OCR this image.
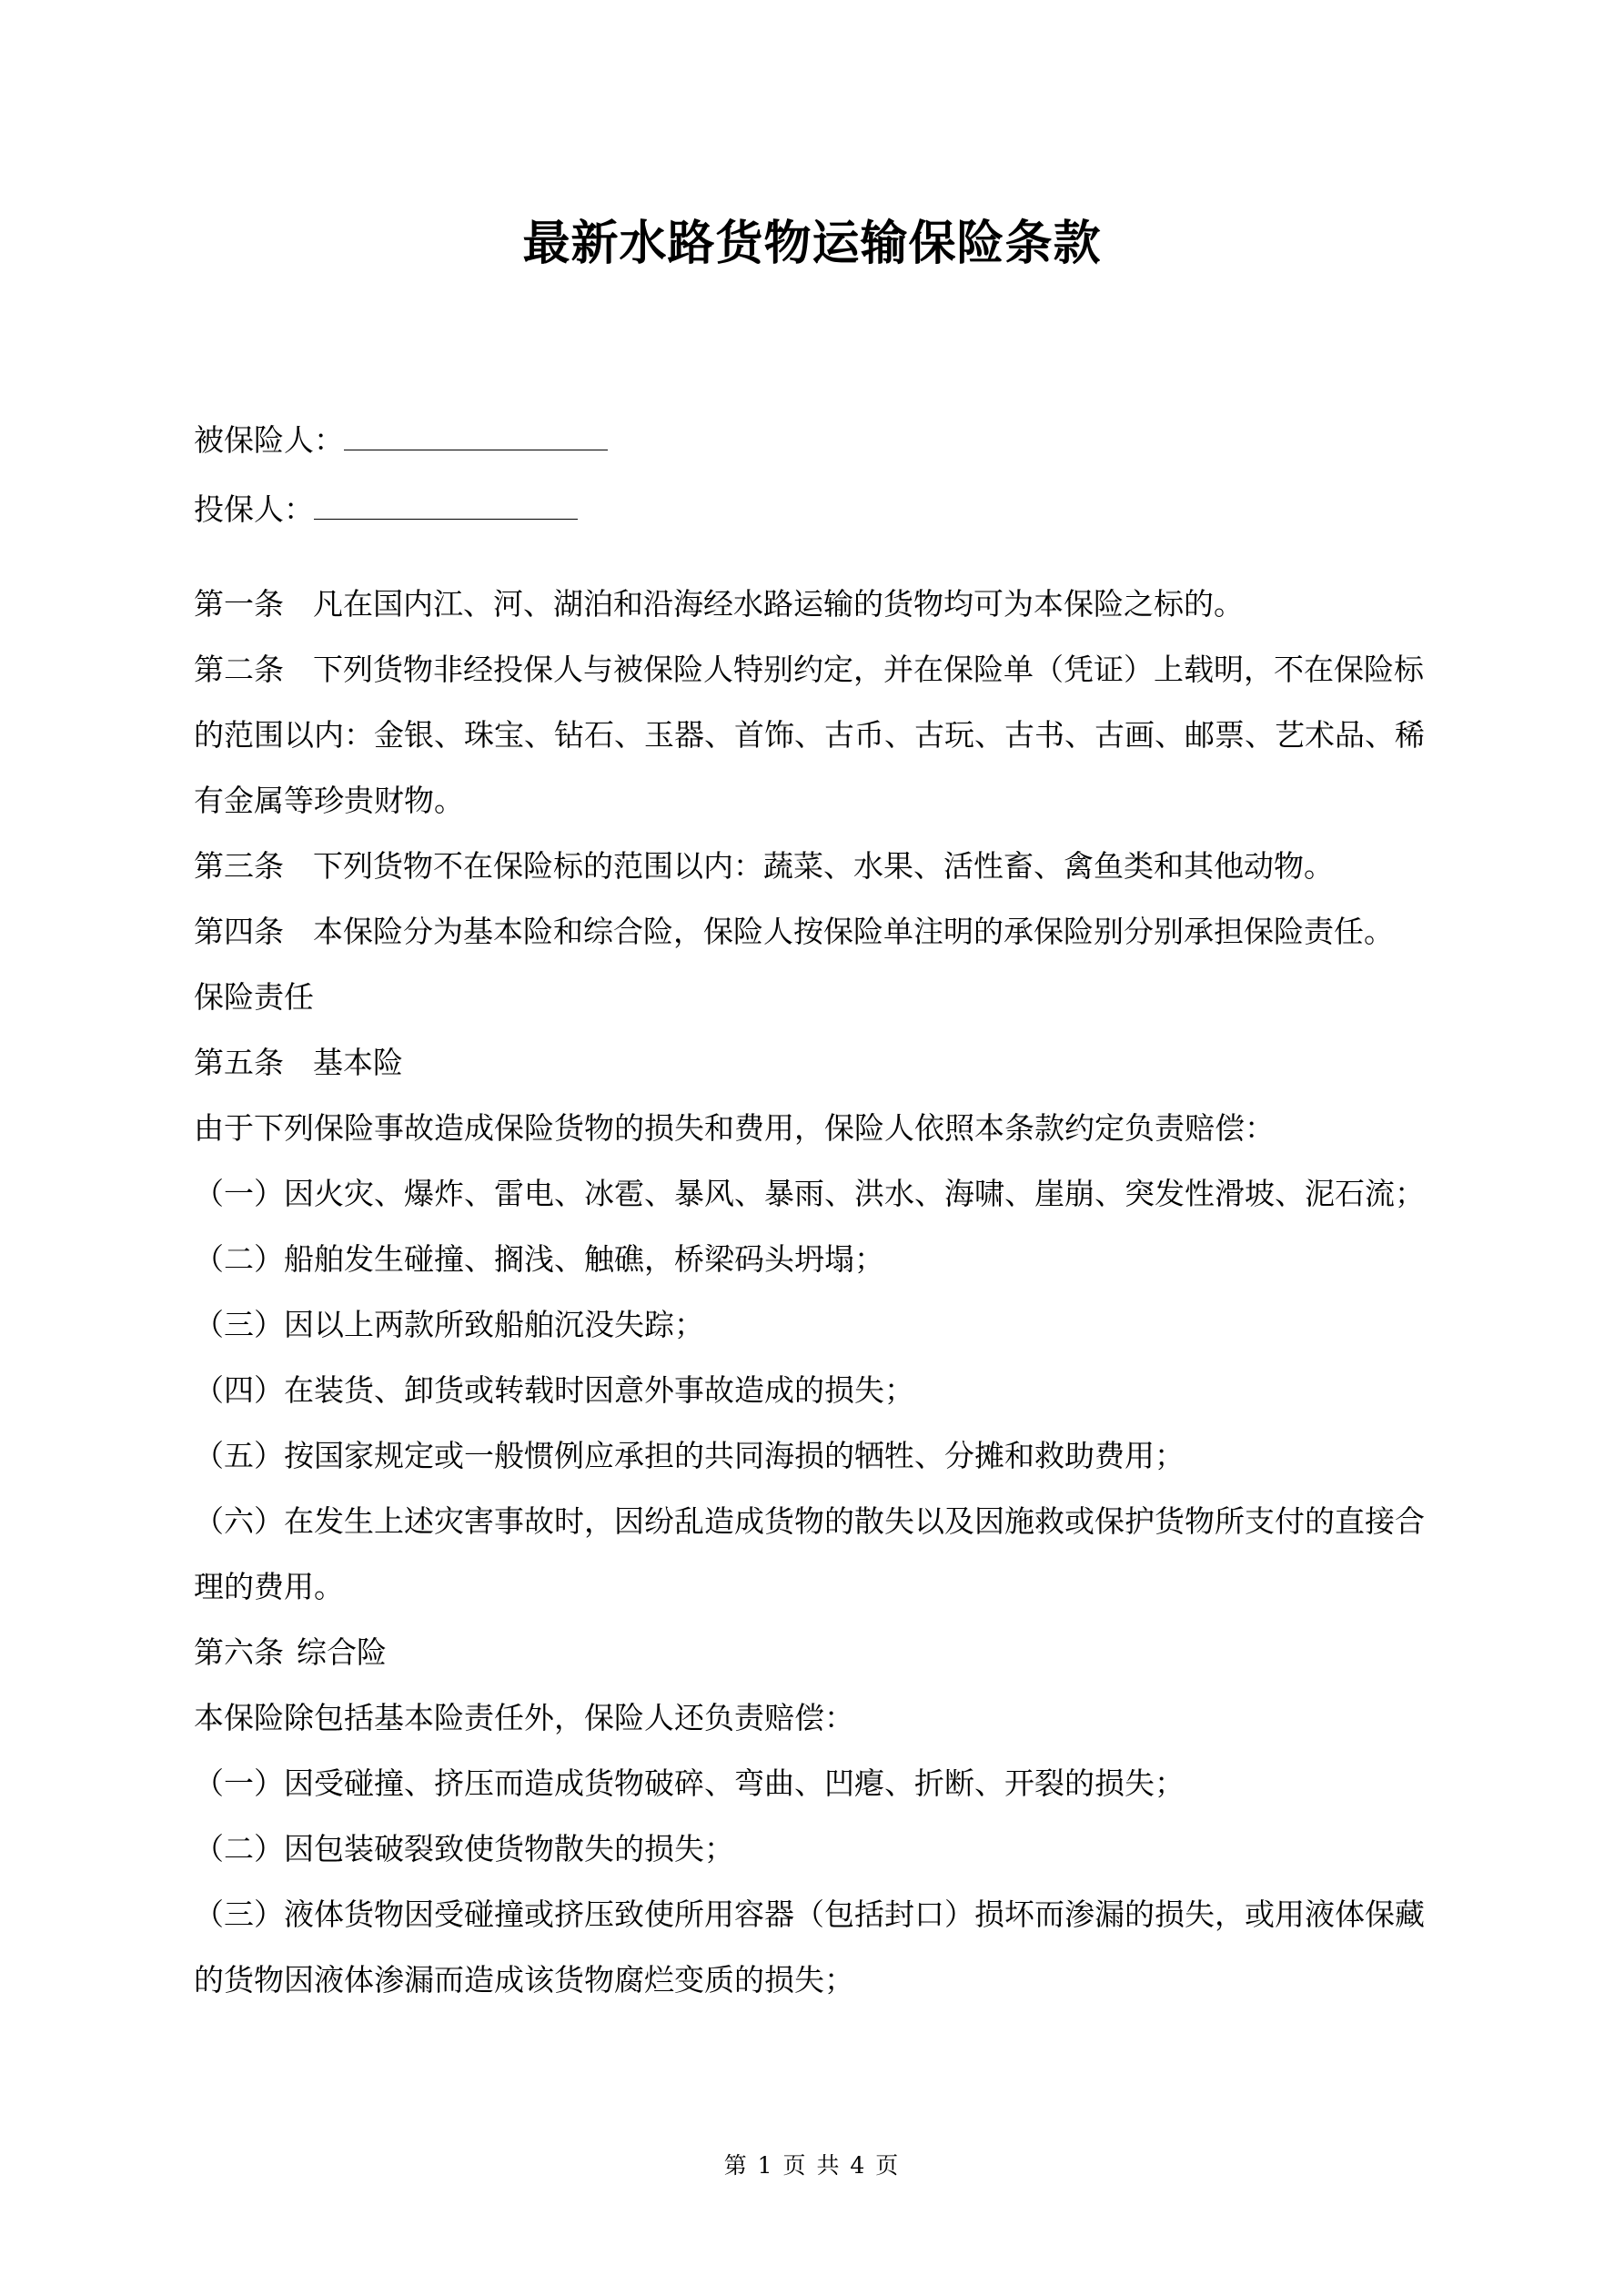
最新水路货物运输保险条款
被保险人：
投保人：

第一条 凡在国内江、河、湖泊和沿海经水路运输的货物均可为本保险之标的。

第二条 下列货物非经投保人与被保险人特别约定，并在保险单（凭证）上载明，不在保险标的范围以内：金银、珠宝、钻石、玉器、首饰、古币、古玩、古书、古画、邮票、艺术品、稀有金属等珍贵财物。

第三条 下列货物不在保险标的范围以内：蔬菜、水果、活性畜、禽鱼类和其他动物。

第四条 本保险分为基本险和综合险，保险人按保险单注明的承保险别分别承担保险责任。

保险责任

第五条 基本险

由于下列保险事故造成保险货物的损失和费用，保险人依照本条款约定负责赔偿：

（一）因火灾、爆炸、雷电、冰雹、暴风、暴雨、洪水、海啸、崖崩、突发性滑坡、泥石流；

（二）船舶发生碰撞、搁浅、触礁，桥梁码头坍塌；

（三）因以上两款所致船舶沉没失踪；

（四）在装货、卸货或转载时因意外事故造成的损失；

（五）按国家规定或一般惯例应承担的共同海损的牺牲、分摊和救助费用；

（六）在发生上述灾害事故时，因纷乱造成货物的散失以及因施救或保护货物所支付的直接合理的费用。

第六条 综合险

本保险除包括基本险责任外，保险人还负责赔偿：

（一）因受碰撞、挤压而造成货物破碎、弯曲、凹瘪、折断、开裂的损失；

（二）因包装破裂致使货物散失的损失；

（三）液体货物因受碰撞或挤压致使所用容器（包括封口）损坏而渗漏的损失，或用液体保藏的货物因液体渗漏而造成该货物腐烂变质的损失；

第 1 页 共 4 页
